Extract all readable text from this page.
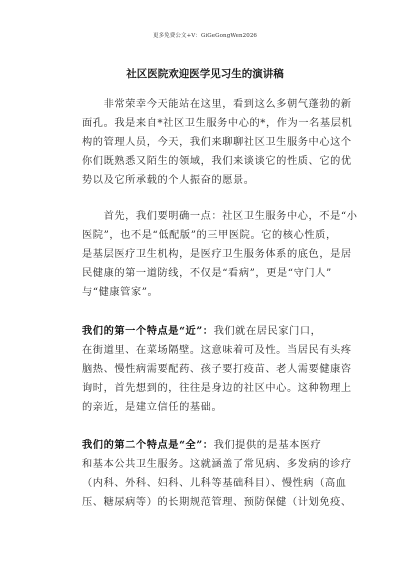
更多免费公文+V：GiGeGongWen2026
社区医院欢迎医学见习生的演讲稿
　　非常荣幸今天能站在这里，看到这么多朝气蓬勃的新
面孔。我是来自*社区卫生服务中心的*，作为一名基层机
构的管理人员，今天，我们来聊聊社区卫生服务中心这个
你们既熟悉又陌生的领域，我们来谈谈它的性质、它的优
势以及它所承载的个人振奋的愿景。
　　首先，我们要明确一点：社区卫生服务中心，不是“小
医院”，也不是“低配版”的三甲医院。它的核心性质，
是基层医疗卫生机构，是医疗卫生服务体系的底色，是居
民健康的第一道防线，不仅是“看病”，更是“守门人”
与“健康管家”。
我们的第一个特点是“近”：我们就在居民家门口，
在街道里、在菜场隔壁。这意味着可及性。当居民有头疼
脑热、慢性病需要配药、孩子要打疫苗、老人需要健康咨
询时，首先想到的，往往是身边的社区中心。这种物理上
的亲近，是建立信任的基础。
我们的第二个特点是“全”：我们提供的是基本医疗
和基本公共卫生服务。这就涵盖了常见病、多发病的诊疗
（内科、外科、妇科、儿科等基础科目）、慢性病（高血
压、糖尿病等）的长期规范管理、预防保健（计划免疫、
